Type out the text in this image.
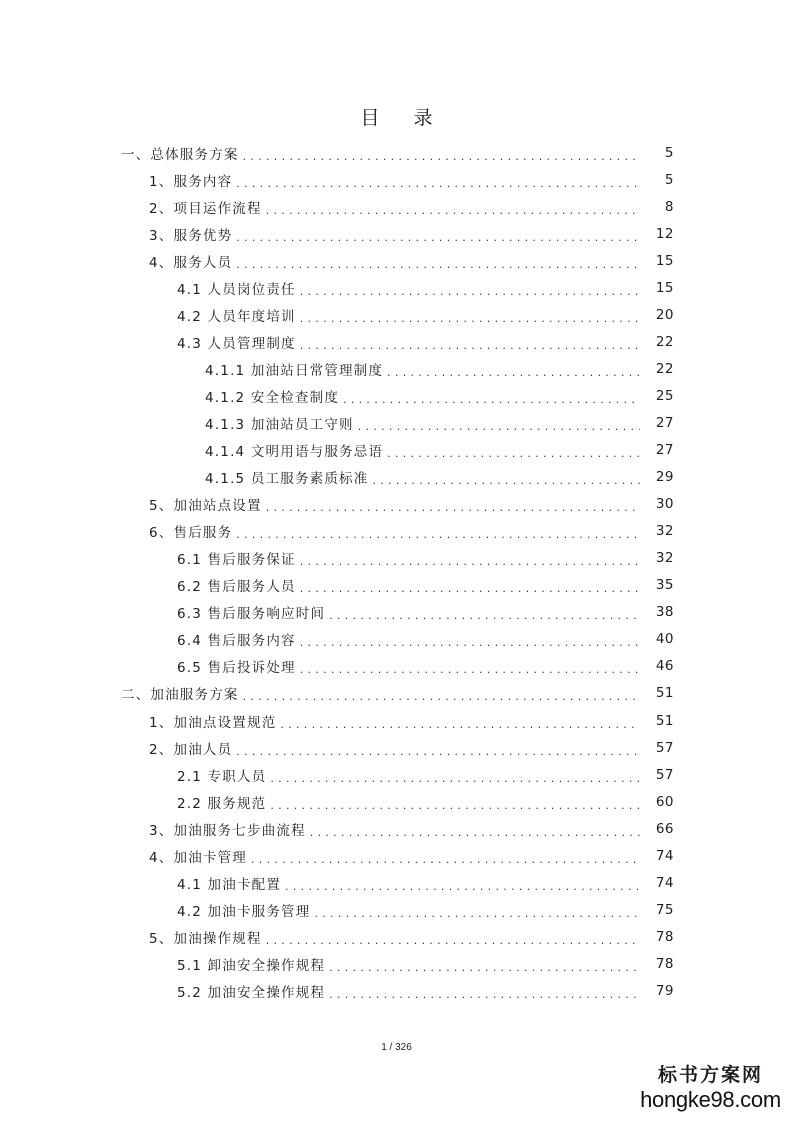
目 录
一、总体服务方案 . . .	5
1、服务内容 . . .	5
2、项目运作流程 . . .	8
3、服务优势 . . .	12
4、服务人员 . . .	15
4.1 人员岗位责任 . . .	15
4.2 人员年度培训 . . .	20
4.3 人员管理制度 . . .	22
4.1.1 加油站日常管理制度 . . .	22
4.1.2 安全检查制度 . . .	25
4.1.3 加油站员工守则 . . .	27
4.1.4 文明用语与服务忌语 . . .	27
4.1.5 员工服务素质标准 . . .	29
5、加油站点设置 . . .	30
6、售后服务 . . .	32
6.1 售后服务保证 . . .	32
6.2 售后服务人员 . . .	35
6.3 售后服务响应时间 . . .	38
6.4 售后服务内容 . . .	40
6.5 售后投诉处理 . . .	46
二、加油服务方案 . . .	51
1、加油点设置规范 . . .	51
2、加油人员 . . .	57
2.1 专职人员 . . .	57
2.2 服务规范 . . .	60
3、加油服务七步曲流程 . . .	66
4、加油卡管理 . . .	74
4.1 加油卡配置 . . .	74
4.2 加油卡服务管理 . . .	75
5、加油操作规程 . . .	78
5.1 卸油安全操作规程 . . .	78
5.2 加油安全操作规程 . . .	79
1 / 326
标书方案网
hongke98.com
